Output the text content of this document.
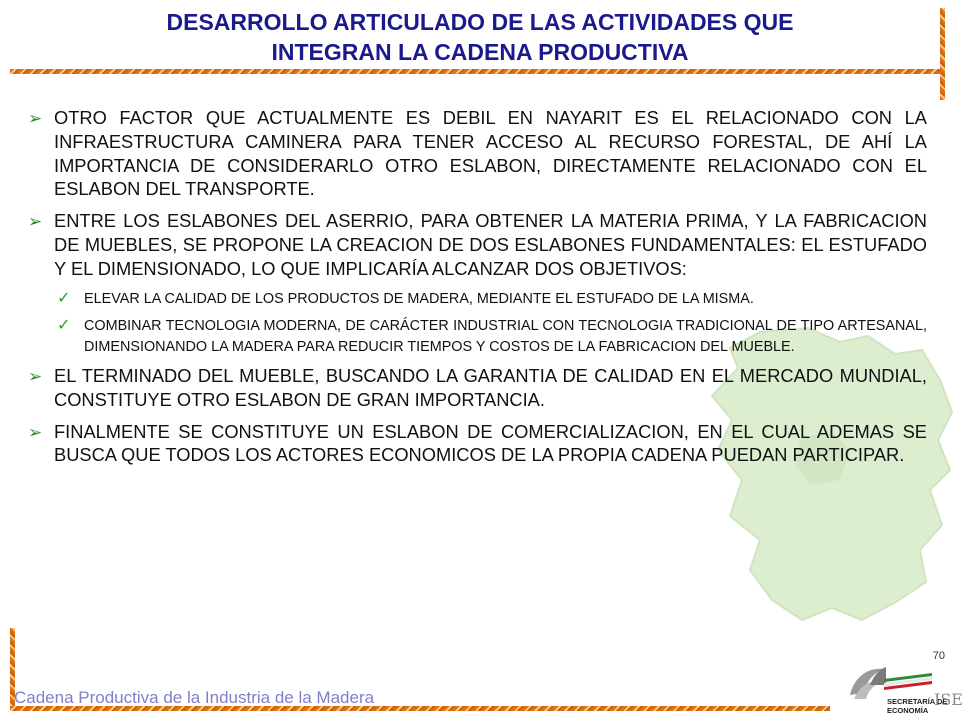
DESARROLLO ARTICULADO DE LAS ACTIVIDADES QUE
INTEGRAN LA CADENA PRODUCTIVA
➢ OTRO FACTOR QUE ACTUALMENTE ES DEBIL EN NAYARIT ES EL RELACIONADO CON LA INFRAESTRUCTURA CAMINERA PARA TENER ACCESO AL RECURSO FORESTAL, DE AHÍ LA IMPORTANCIA DE CONSIDERARLO OTRO ESLABON, DIRECTAMENTE RELACIONADO CON EL ESLABON DEL TRANSPORTE.
➢ ENTRE LOS ESLABONES DEL ASERRIO, PARA OBTENER LA MATERIA PRIMA, Y LA FABRICACION DE MUEBLES, SE PROPONE LA CREACION DE DOS ESLABONES FUNDAMENTALES: EL ESTUFADO Y EL DIMENSIONADO, LO QUE IMPLICARÍA ALCANZAR DOS OBJETIVOS:
✓ ELEVAR LA CALIDAD DE LOS PRODUCTOS DE MADERA, MEDIANTE EL ESTUFADO DE LA MISMA.
✓ COMBINAR TECNOLOGIA MODERNA, DE CARÁCTER INDUSTRIAL CON TECNOLOGIA TRADICIONAL DE TIPO ARTESANAL, DIMENSIONANDO LA MADERA PARA REDUCIR TIEMPOS Y COSTOS DE LA FABRICACION DEL MUEBLE.
➢ EL TERMINADO DEL MUEBLE, BUSCANDO LA GARANTIA DE CALIDAD EN EL MERCADO MUNDIAL, CONSTITUYE OTRO ESLABON DE GRAN IMPORTANCIA.
➢ FINALMENTE SE CONSTITUYE UN ESLABON DE COMERCIALIZACION, EN EL CUAL ADEMAS SE BUSCA QUE TODOS LOS ACTORES ECONOMICOS DE LA PROPIA CADENA PUEDAN PARTICIPAR.
70
Cadena Productiva de la Industria de la Madera	SECRETARÍA DE
ECONOMÍA
ISE
